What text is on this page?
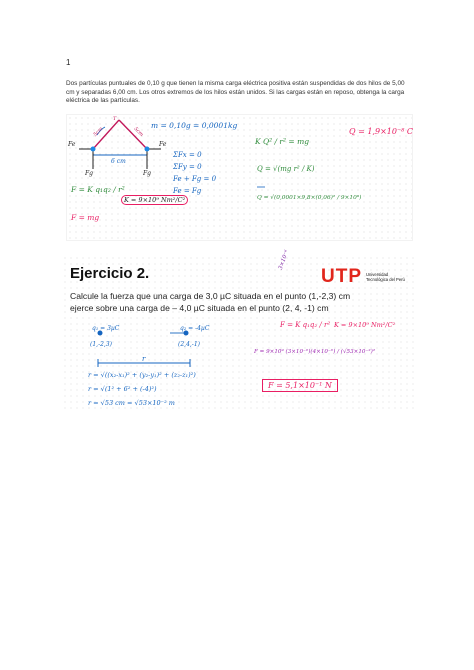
1
Dos partículas puntuales de 0,10 g que tienen la misma carga eléctrica positiva están suspendidas de dos hilos de 5,00 cm y separadas 6,00 cm. Los otros extremos de los hilos están unidos. Si las cargas están en reposo, obtenga la carga eléctrica de las partículas.
5cm	5cm
T
6 cm
Fe	Fe
Fg	Fg
m = 0,10g = 0,0001kg
ΣFx = 0
ΣFy = 0
Fe + Fg = 0
Fe = Fg
F = K q₁q₂ / r²
K = 9×10⁹ Nm²/C²
F = mg
K Q² / r² = mg
Q = √(mg r² / K)
Q = √(0,0001×9,8×(0,06)² / 9×10⁹)
Q = 1,9×10⁻⁸ C
Ejercicio 2.	UTP Universidad Tecnológica del Perú
3×10⁻⁶
Calcule la fuerza que una carga de 3,0 µC situada en el punto (1,-2,3) cm
ejerce sobre una carga de – 4,0 µC situada en el punto (2, 4, -1) cm
q₁ = 3µC	q₂ = -4µC
(1,-2,3)	(2,4,-1)
r
r = √((x₂-x₁)² + (y₂-y₁)² + (z₂-z₁)²)
r = √(1² + 6² + (-4)²)
r = √53 cm = √53×10⁻² m
F = K q₁q₂ / r² K = 9×10⁹ Nm²/C²
F = 9×10⁹ (3×10⁻⁶)(4×10⁻⁶) / (√53×10⁻²)²
F = 5,1×10⁻¹ N
